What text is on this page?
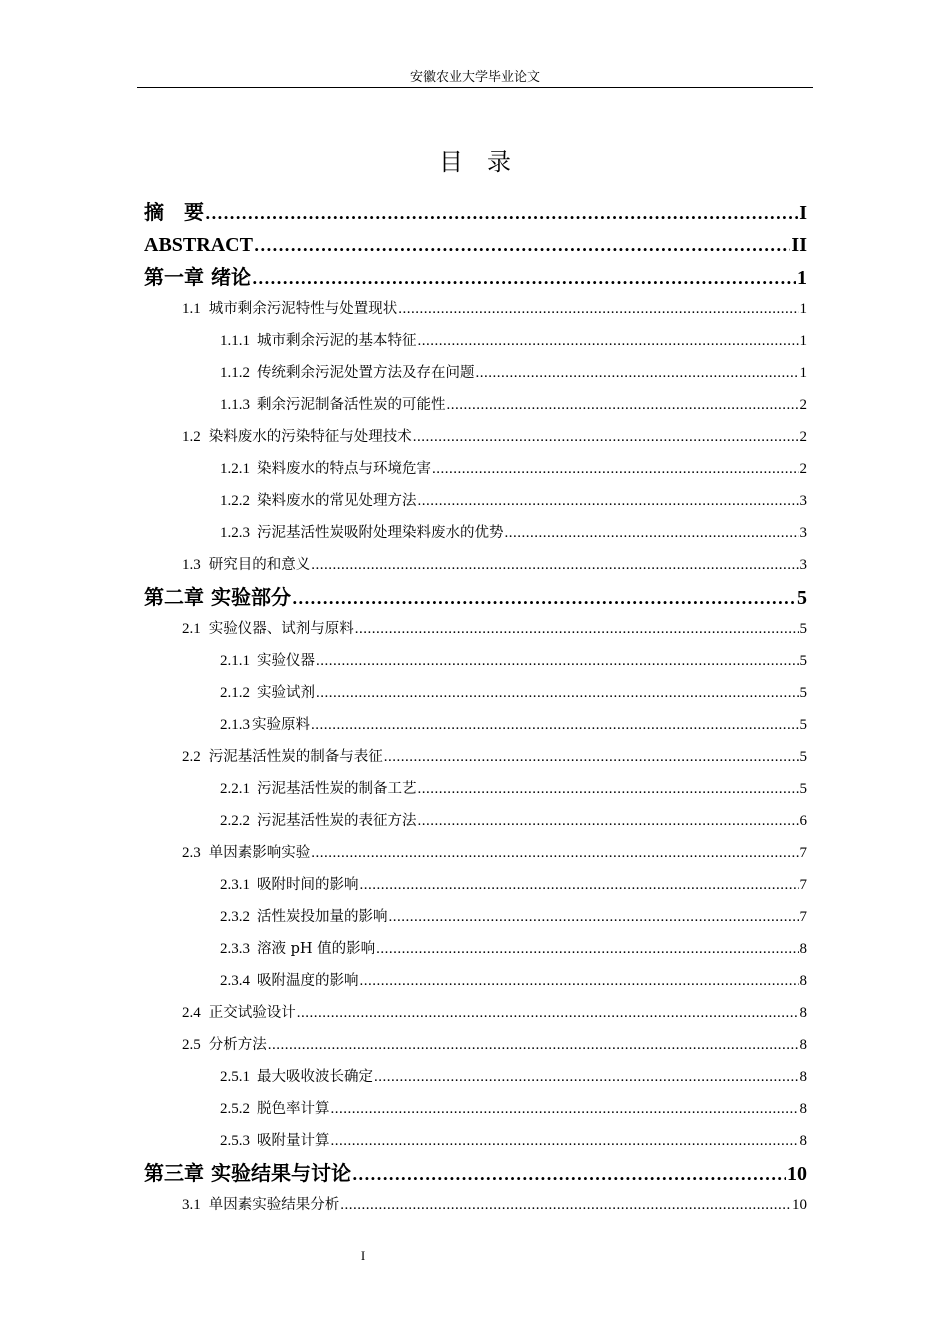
安徽农业大学毕业论文
目录
摘　要 .....	I
ABSTRACT .....	II
第一章 绪论 .....	1
1.1 城市剩余污泥特性与处置现状 .....	1
1.1.1 城市剩余污泥的基本特征 .....	1
1.1.2 传统剩余污泥处置方法及存在问题 .....	1
1.1.3 剩余污泥制备活性炭的可能性 .....	2
1.2 染料废水的污染特征与处理技术 .....	2
1.2.1 染料废水的特点与环境危害 .....	2
1.2.2 染料废水的常见处理方法 .....	3
1.2.3 污泥基活性炭吸附处理染料废水的优势 .....	3
1.3 研究目的和意义 .....	3
第二章 实验部分 .....	5
2.1 实验仪器、试剂与原料 .....	5
2.1.1 实验仪器 .....	5
2.1.2 实验试剂 .....	5
2.1.3 实验原料 .....	5
2.2 污泥基活性炭的制备与表征 .....	5
2.2.1 污泥基活性炭的制备工艺 .....	5
2.2.2 污泥基活性炭的表征方法 .....	6
2.3 单因素影响实验 .....	7
2.3.1 吸附时间的影响 .....	7
2.3.2 活性炭投加量的影响 .....	7
2.3.3 溶液 pH 值的影响 .....	8
2.3.4 吸附温度的影响 .....	8
2.4 正交试验设计 .....	8
2.5 分析方法 .....	8
2.5.1 最大吸收波长确定 .....	8
2.5.2 脱色率计算 .....	8
2.5.3 吸附量计算 .....	8
第三章 实验结果与讨论 .....	10
3.1 单因素实验结果分析 .....	10
I
